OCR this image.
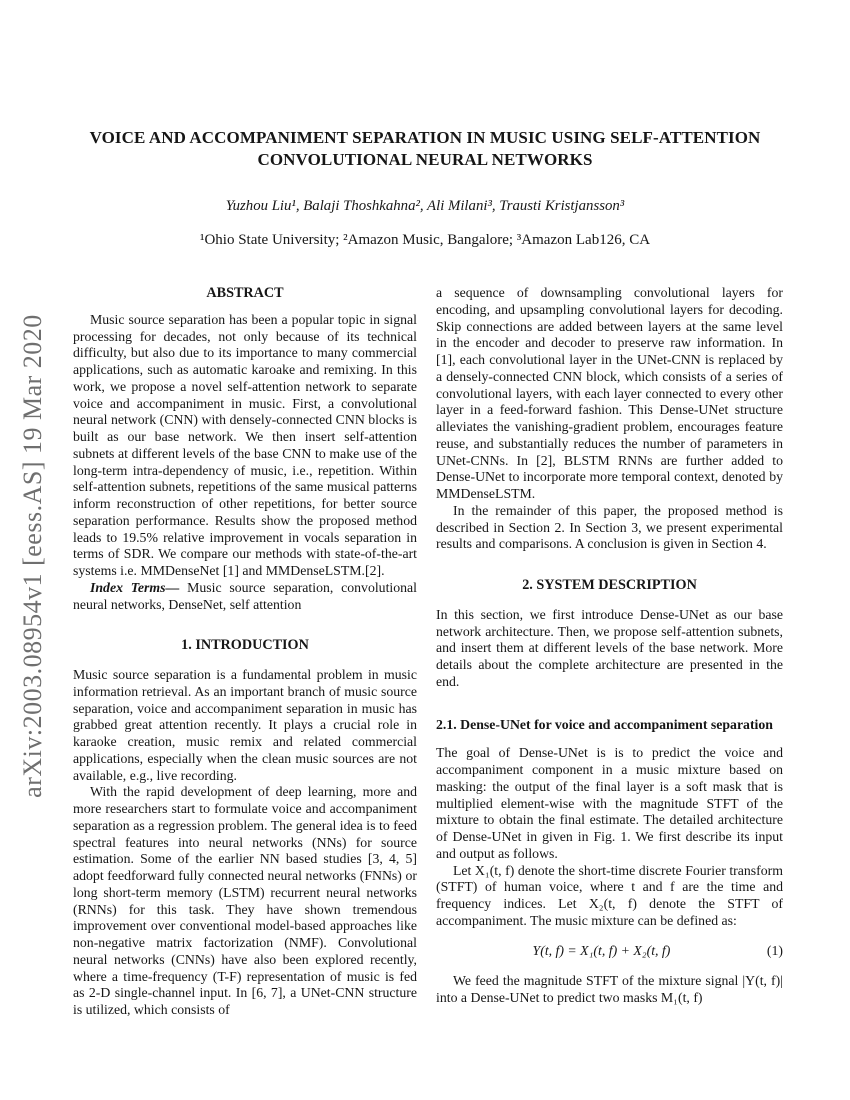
arXiv:2003.08954v1 [eess.AS] 19 Mar 2020
VOICE AND ACCOMPANIMENT SEPARATION IN MUSIC USING SELF-ATTENTION
CONVOLUTIONAL NEURAL NETWORKS
Yuzhou Liu¹, Balaji Thoshkahna², Ali Milani³, Trausti Kristjansson³
¹Ohio State University; ²Amazon Music, Bangalore; ³Amazon Lab126, CA
ABSTRACT

Music source separation has been a popular topic in signal processing for decades, not only because of its technical difficulty, but also due to its importance to many commercial applications, such as automatic karoake and remixing. In this work, we propose a novel self-attention network to separate voice and accompaniment in music. First, a convolutional neural network (CNN) with densely-connected CNN blocks is built as our base network. We then insert self-attention subnets at different levels of the base CNN to make use of the long-term intra-dependency of music, i.e., repetition. Within self-attention subnets, repetitions of the same musical patterns inform reconstruction of other repetitions, for better source separation performance. Results show the proposed method leads to 19.5% relative improvement in vocals separation in terms of SDR. We compare our methods with state-of-the-art systems i.e. MMDenseNet [1] and MMDenseLSTM.[2].

Index Terms— Music source separation, convolutional neural networks, DenseNet, self attention

1. INTRODUCTION

Music source separation is a fundamental problem in music information retrieval. As an important branch of music source separation, voice and accompaniment separation in music has grabbed great attention recently. It plays a crucial role in karaoke creation, music remix and related commercial applications, especially when the clean music sources are not available, e.g., live recording.

With the rapid development of deep learning, more and more researchers start to formulate voice and accompaniment separation as a regression problem. The general idea is to feed spectral features into neural networks (NNs) for source estimation. Some of the earlier NN based studies [3, 4, 5] adopt feedforward fully connected neural networks (FNNs) or long short-term memory (LSTM) recurrent neural networks (RNNs) for this task. They have shown tremendous improvement over conventional model-based approaches like non-negative matrix factorization (NMF). Convolutional neural networks (CNNs) have also been explored recently, where a time-frequency (T-F) representation of music is fed as 2-D single-channel input. In [6, 7], a UNet-CNN structure is utilized, which consists of

a sequence of downsampling convolutional layers for encoding, and upsampling convolutional layers for decoding. Skip connections are added between layers at the same level in the encoder and decoder to preserve raw information. In [1], each convolutional layer in the UNet-CNN is replaced by a densely-connected CNN block, which consists of a series of convolutional layers, with each layer connected to every other layer in a feed-forward fashion. This Dense-UNet structure alleviates the vanishing-gradient problem, encourages feature reuse, and substantially reduces the number of parameters in UNet-CNNs. In [2], BLSTM RNNs are further added to Dense-UNet to incorporate more temporal context, denoted by MMDenseLSTM.

In the remainder of this paper, the proposed method is described in Section 2. In Section 3, we present experimental results and comparisons. A conclusion is given in Section 4.

2. SYSTEM DESCRIPTION

In this section, we first introduce Dense-UNet as our base network architecture. Then, we propose self-attention subnets, and insert them at different levels of the base network. More details about the complete architecture are presented in the end.

2.1. Dense-UNet for voice and accompaniment separation

The goal of Dense-UNet is is to predict the voice and accompaniment component in a music mixture based on masking: the output of the final layer is a soft mask that is multiplied element-wise with the magnitude STFT of the mixture to obtain the final estimate. The detailed architecture of Dense-UNet in given in Fig. 1. We first describe its input and output as follows.

Let X₁(t, f) denote the short-time discrete Fourier transform (STFT) of human voice, where t and f are the time and frequency indices. Let X₂(t, f) denote the STFT of accompaniment. The music mixture can be defined as:

Y(t, f) = X₁(t, f) + X₂(t, f)	(1)

We feed the magnitude STFT of the mixture signal |Y(t, f)| into a Dense-UNet to predict two masks M₁(t, f)
